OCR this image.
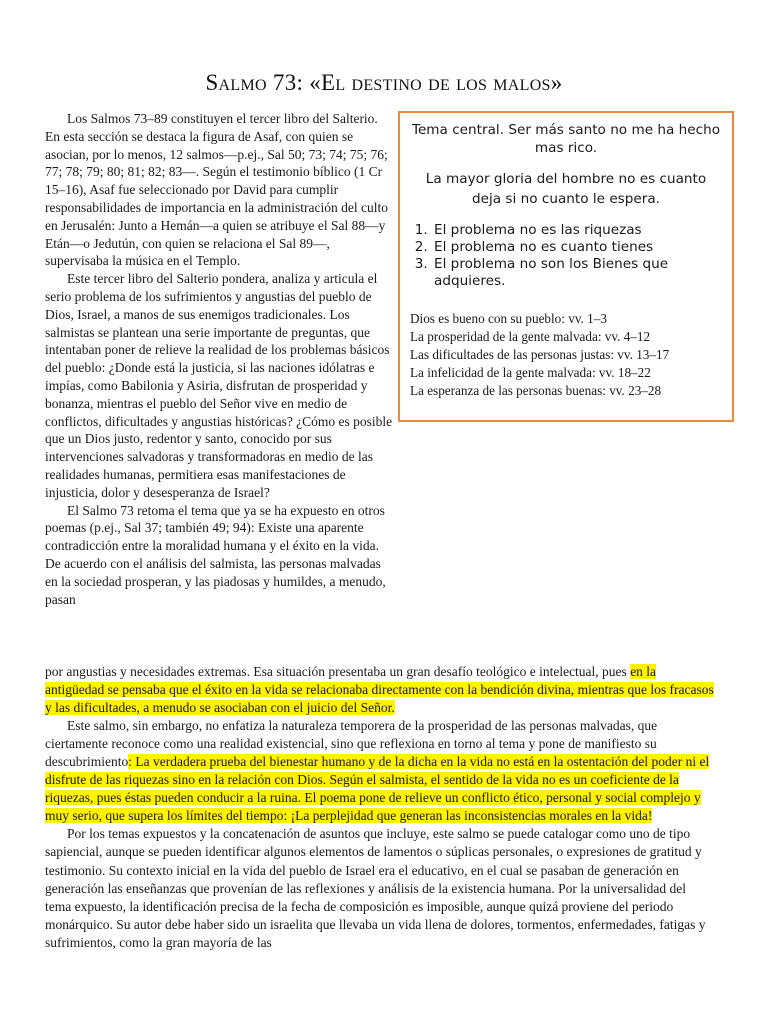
Salmo 73: «El destino de los malos»

Los Salmos 73–89 constituyen el tercer libro del Salterio. En esta sección se destaca la figura de Asaf, con quien se asocian, por lo menos, 12 salmos—p.ej., Sal 50; 73; 74; 75; 76; 77; 78; 79; 80; 81; 82; 83—. Según el testimonio bíblico (1 Cr 15–16), Asaf fue seleccionado por David para cumplir responsabilidades de importancia en la administración del culto en Jerusalén: Junto a Hemán—a quien se atribuye el Sal 88—y Etán—o Jedutún, con quien se relaciona el Sal 89—, supervisaba la música en el Templo.

Este tercer libro del Salterio pondera, analiza y articula el serio problema de los sufrimientos y angustias del pueblo de Dios, Israel, a manos de sus enemigos tradicionales. Los salmistas se plantean una serie importante de preguntas, que intentaban poner de relieve la realidad de los problemas básicos del pueblo: ¿Donde está la justicia, si las naciones idólatras e impías, como Babilonia y Asiria, disfrutan de prosperidad y bonanza, mientras el pueblo del Señor vive en medio de conflictos, dificultades y angustias históricas? ¿Cómo es posible que un Dios justo, redentor y santo, conocido por sus intervenciones salvadoras y transformadoras en medio de las realidades humanas, permitiera esas manifestaciones de injusticia, dolor y desesperanza de Israel?

El Salmo 73 retoma el tema que ya se ha expuesto en otros poemas (p.ej., Sal 37; también 49; 94): Existe una aparente contradicción entre la moralidad humana y el éxito en la vida. De acuerdo con el análisis del salmista, las personas malvadas en la sociedad prosperan, y las piadosas y humildes, a menudo, pasan

Tema central. Ser más santo no me ha hecho mas rico.
La mayor gloria del hombre no es cuanto deja si no cuanto le espera.
1. El problema no es las riquezas
2. El problema no es cuanto tienes
3. El problema no son los Bienes que adquieres.
Dios es bueno con su pueblo: vv. 1–3
La prosperidad de la gente malvada: vv. 4–12
Las dificultades de las personas justas: vv. 13–17
La infelicidad de la gente malvada: vv. 18–22
La esperanza de las personas buenas: vv. 23–28

por angustias y necesidades extremas. Esa situación presentaba un gran desafío teológico e intelectual, pues en la antigüedad se pensaba que el éxito en la vida se relacionaba directamente con la bendición divina, mientras que los fracasos y las dificultades, a menudo se asociaban con el juicio del Señor.

Este salmo, sin embargo, no enfatiza la naturaleza temporera de la prosperidad de las personas malvadas, que ciertamente reconoce como una realidad existencial, sino que reflexiona en torno al tema y pone de manifiesto su descubrimiento: La verdadera prueba del bienestar humano y de la dicha en la vida no está en la ostentación del poder ni el disfrute de las riquezas sino en la relación con Dios. Según el salmista, el sentido de la vida no es un coeficiente de la riquezas, pues éstas pueden conducir a la ruina. El poema pone de relieve un conflicto ético, personal y social complejo y muy serio, que supera los límites del tiempo: ¡La perplejidad que generan las inconsistencias morales en la vida!

Por los temas expuestos y la concatenación de asuntos que incluye, este salmo se puede catalogar como uno de tipo sapiencial, aunque se pueden identificar algunos elementos de lamentos o súplicas personales, o expresiones de gratitud y testimonio. Su contexto inicial en la vida del pueblo de Israel era el educativo, en el cual se pasaban de generación en generación las enseñanzas que provenían de las reflexiones y análisis de la existencia humana. Por la universalidad del tema expuesto, la identificación precisa de la fecha de composición es imposible, aunque quizá proviene del periodo monárquico. Su autor debe haber sido un israelita que llevaba un vida llena de dolores, tormentos, enfermedades, fatigas y sufrimientos, como la gran mayoría de las
